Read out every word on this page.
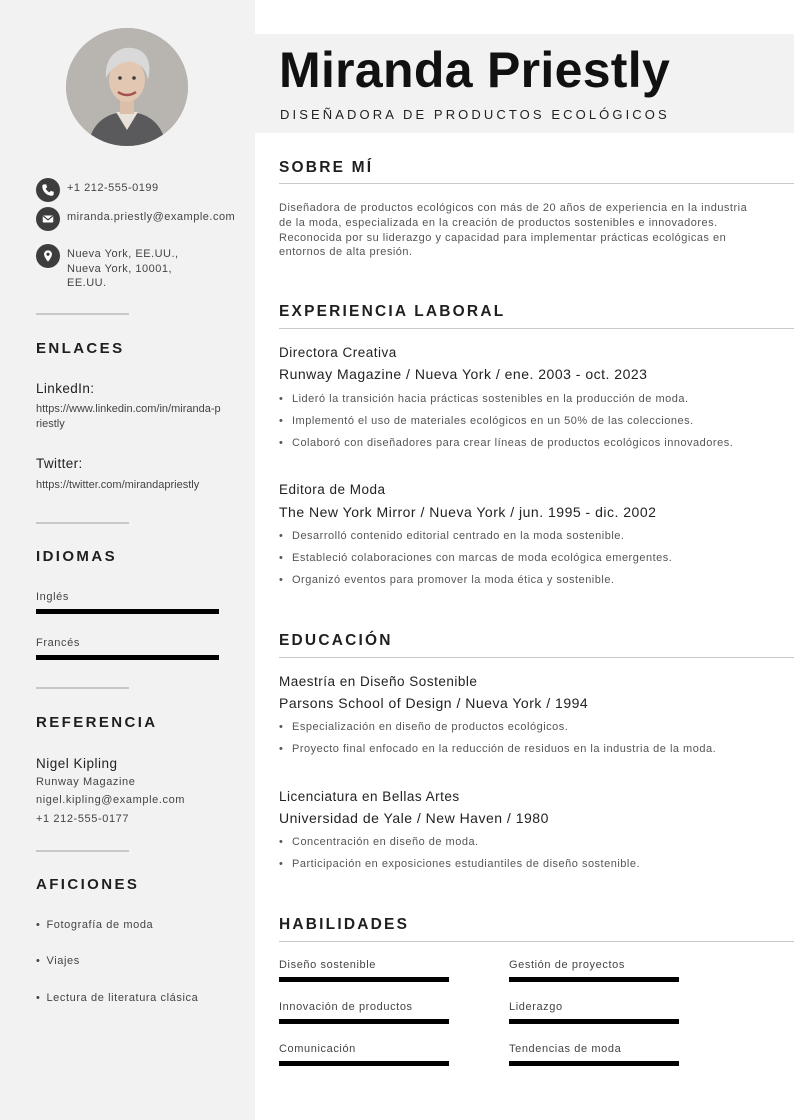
+1 212-555-0199
miranda.priestly@example.com
Nueva York, EE.UU., Nueva York, 10001, EE.UU.
ENLACES
LinkedIn:
https://www.linkedin.com/in/miranda-priestly
Twitter:
https://twitter.com/mirandapriestly
IDIOMAS
Inglés
Francés
REFERENCIA
Nigel Kipling
Runway Magazine
nigel.kipling@example.com
+1 212-555-0177
AFICIONES
• Fotografía de moda
• Viajes
• Lectura de literatura clásica
Miranda Priestly
DISEÑADORA DE PRODUCTOS ECOLÓGICOS
SOBRE MÍ

Diseñadora de productos ecológicos con más de 20 años de experiencia en la industria de la moda, especializada en la creación de productos sostenibles e innovadores. Reconocida por su liderazgo y capacidad para implementar prácticas ecológicas en entornos de alta presión.

EXPERIENCIA LABORAL
Directora Creativa
Runway Magazine / Nueva York / ene. 2003 - oct. 2023
• Lideró la transición hacia prácticas sostenibles en la producción de moda.
• Implementó el uso de materiales ecológicos en un 50% de las colecciones.
• Colaboró con diseñadores para crear líneas de productos ecológicos innovadores.
Editora de Moda
The New York Mirror / Nueva York / jun. 1995 - dic. 2002
• Desarrolló contenido editorial centrado en la moda sostenible.
• Estableció colaboraciones con marcas de moda ecológica emergentes.
• Organizó eventos para promover la moda ética y sostenible.
EDUCACIÓN
Maestría en Diseño Sostenible
Parsons School of Design / Nueva York / 1994
• Especialización en diseño de productos ecológicos.
• Proyecto final enfocado en la reducción de residuos en la industria de la moda.
Licenciatura en Bellas Artes
Universidad de Yale / New Haven / 1980
• Concentración en diseño de moda.
• Participación en exposiciones estudiantiles de diseño sostenible.
HABILIDADES
Diseño sostenible	Gestión de proyectos
Innovación de productos	Liderazgo
Comunicación	Tendencias de moda
